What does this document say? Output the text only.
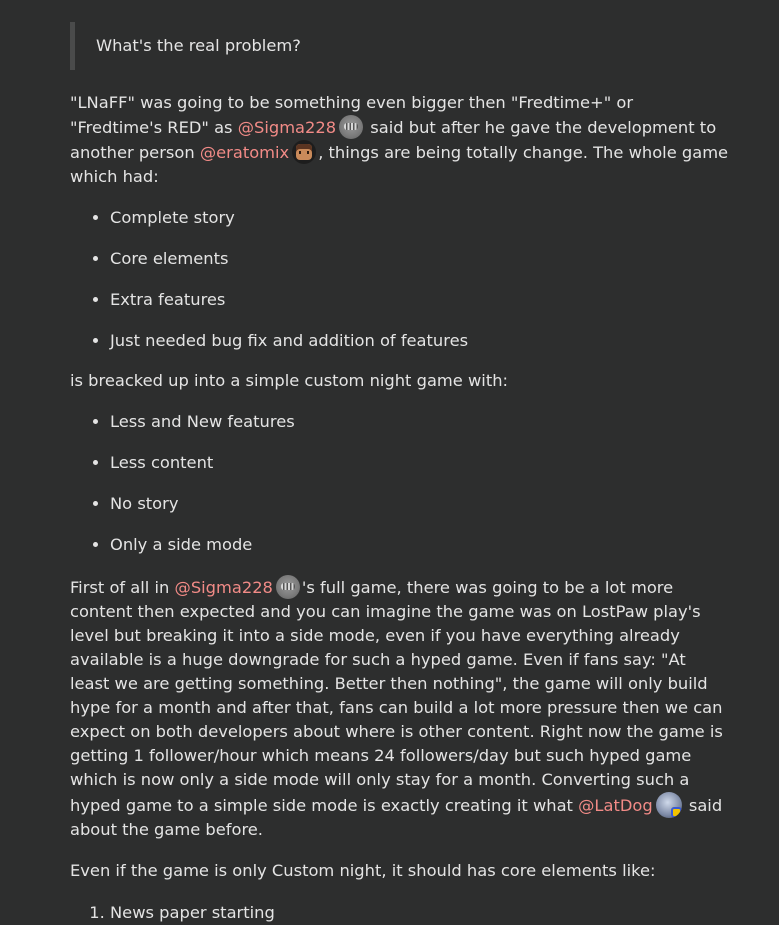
What's the real problem?

"LNaFF" was going to be something even bigger then "Fredtime+" or "Fredtime's RED" as @Sigma228 said but after he gave the development to another person @eratomix , things are being totally change. The whole game which had:

• Complete story
• Core elements
• Extra features
• Just needed bug fix and addition of features

is breacked up into a simple custom night game with:

• Less and New features
• Less content
• No story
• Only a side mode

First of all in @Sigma228 's full game, there was going to be a lot more content then expected and you can imagine the game was on LostPaw play's level but breaking it into a side mode, even if you have everything already available is a huge downgrade for such a hyped game. Even if fans say: "At least we are getting something. Better then nothing", the game will only build hype for a month and after that, fans can build a lot more pressure then we can expect on both developers about where is other content. Right now the game is getting 1 follower/hour which means 24 followers/day but such hyped game which is now only a side mode will only stay for a month. Converting such a hyped game to a simple side mode is exactly creating it what @LatDog said about the game before.

Even if the game is only Custom night, it should has core elements like:

1. News paper starting
